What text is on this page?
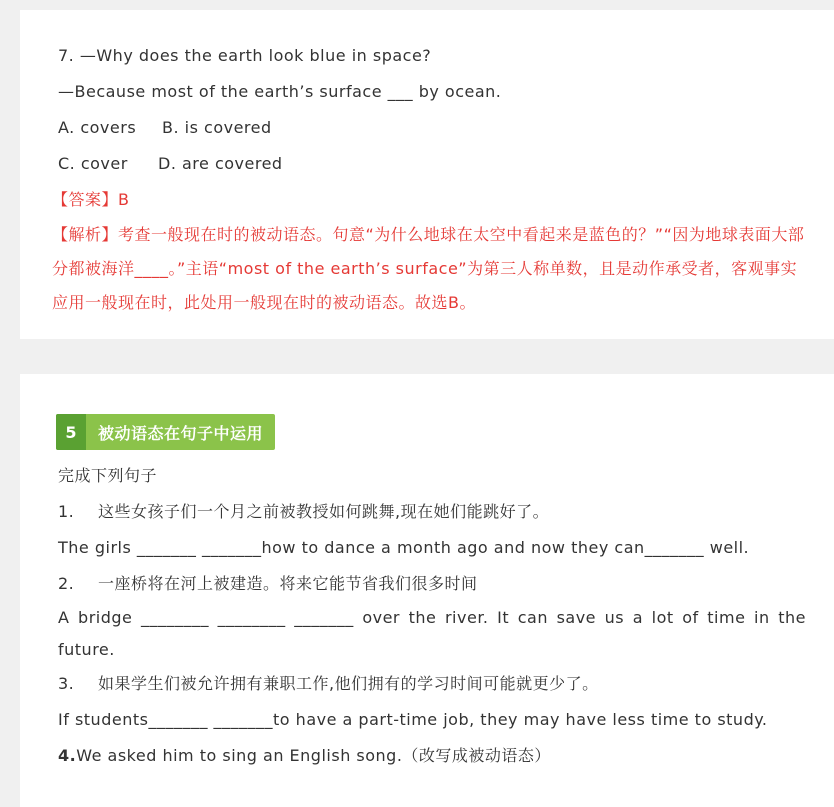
7. —Why does the earth look blue in space?
—Because most of the earth’s surface ___ by ocean.
A. covers B. is covered
C. cover D. are covered
【答案】B
【解析】考查一般现在时的被动语态。句意“为什么地球在太空中看起来是蓝色的？”“因为地球表面大部分都被海洋____。”主语“most of the earth’s surface”为第三人称单数，且是动作承受者，客观事实应用一般现在时，此处用一般现在时的被动语态。故选B。
5	被动语态在句子中运用
完成下列句子
1. 这些女孩子们一个月之前被教授如何跳舞,现在她们能跳好了。
The girls _______ _______how to dance a month ago and now they can_______ well.
2. 一座桥将在河上被建造。将来它能节省我们很多时间
A bridge ________ ________ _______ over the river. It can save us a lot of time in the future.
3. 如果学生们被允许拥有兼职工作,他们拥有的学习时间可能就更少了。
If students_______ _______to have a part-time job, they may have less time to study.
4.We asked him to sing an English song.（改写成被动语态）
